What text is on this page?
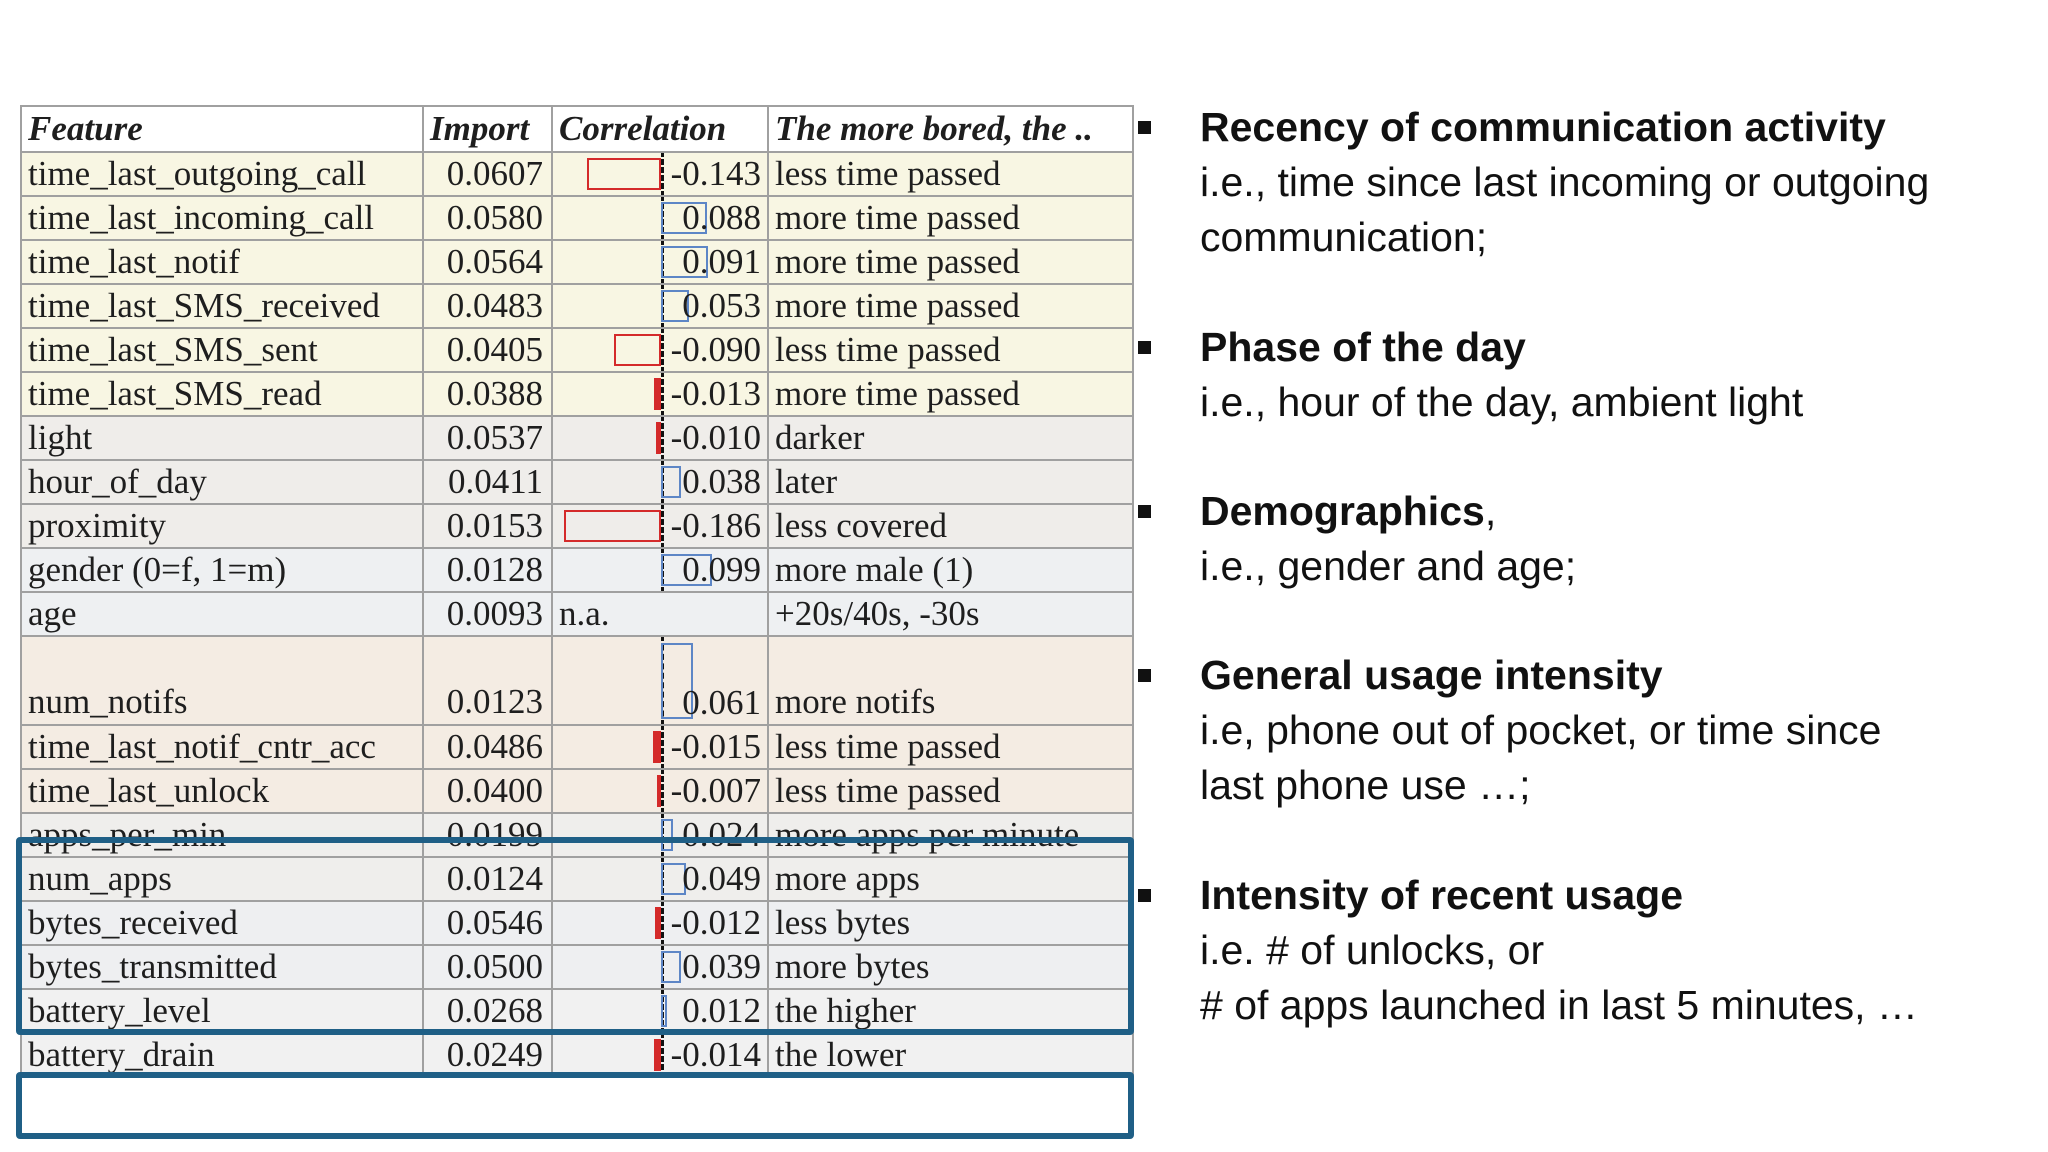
Feature	Import	Correlation	The more bored, the ..
time_last_outgoing_call	0.0607	-0.143	less time passed
time_last_incoming_call	0.0580	0.088	more time passed
time_last_notif	0.0564	0.091	more time passed
time_last_SMS_received	0.0483	0.053	more time passed
time_last_SMS_sent	0.0405	-0.090	less time passed
time_last_SMS_read	0.0388	-0.013	more time passed
light	0.0537	-0.010	darker
hour_of_day	0.0411	0.038	later
proximity	0.0153	-0.186	less covered
gender (0=f, 1=m)	0.0128	0.099	more male (1)
age	0.0093	n.a.	+20s/40s, -30s
num_notifs	0.0123	0.061	more notifs
time_last_notif_cntr_acc	0.0486	-0.015	less time passed
time_last_unlock	0.0400	-0.007	less time passed
apps_per_min	0.0199	0.024	more apps per minute
num_apps	0.0124	0.049	more apps
bytes_received	0.0546	-0.012	less bytes
bytes_transmitted	0.0500	0.039	more bytes
battery_level	0.0268	0.012	the higher
battery_drain	0.0249	-0.014	the lower
Recency of communication activity
i.e., time since last incoming or outgoing
communication;
Phase of the day
i.e., hour of the day, ambient light
Demographics,
i.e., gender and age;
General usage intensity
i.e, phone out of pocket, or time since
last phone use …;
Intensity of recent usage
i.e. # of unlocks, or
# of apps launched in last 5 minutes, …
